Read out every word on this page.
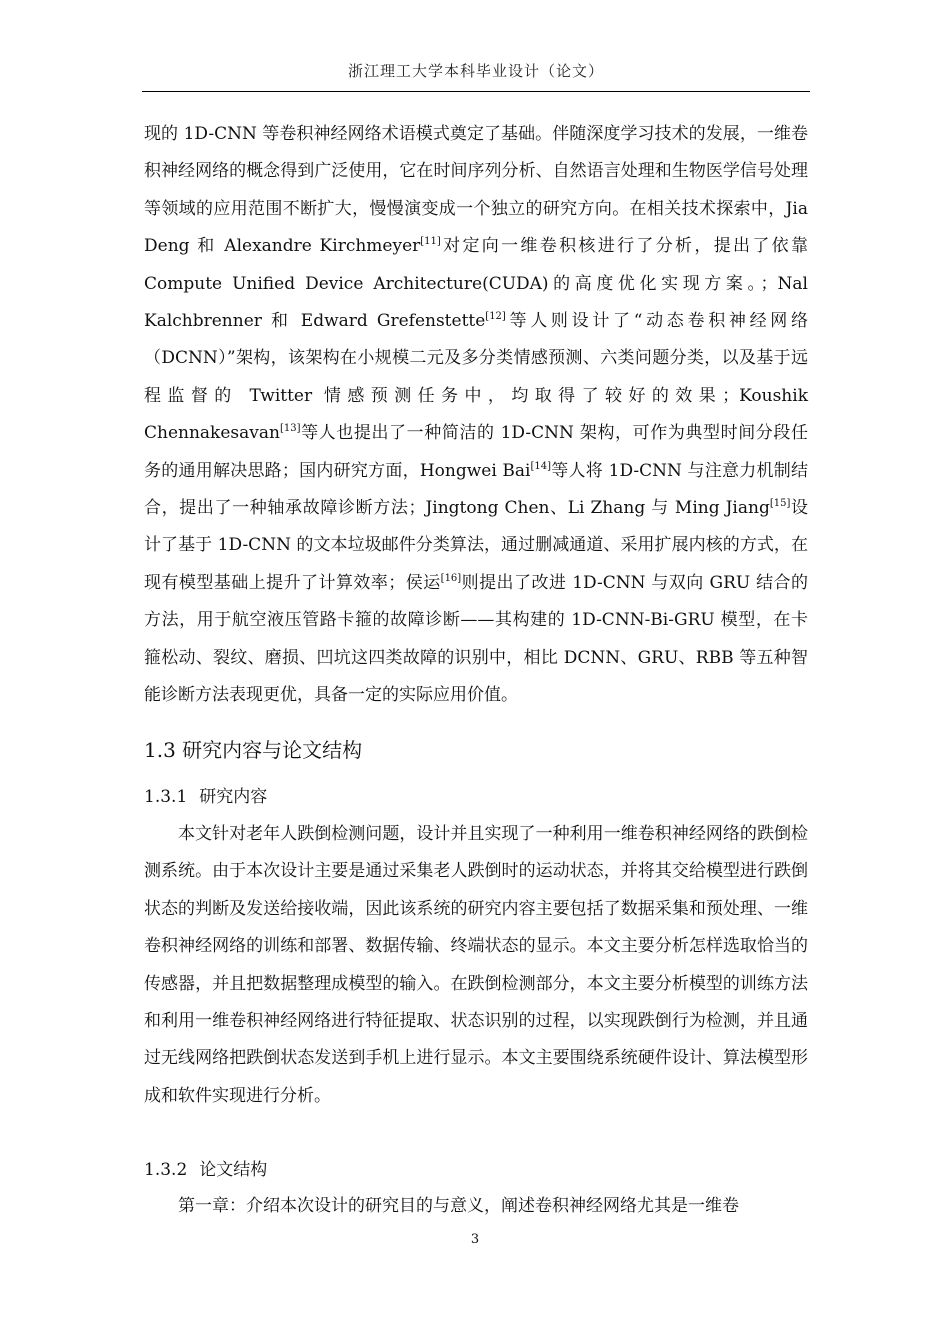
浙江理工大学本科毕业设计（论文）

现的 1D-CNN 等卷积神经网络术语模式奠定了基础。伴随深度学习技术的发展，一维卷积神经网络的概念得到广泛使用，它在时间序列分析、自然语言处理和生物医学信号处理等领域的应用范围不断扩大，慢慢演变成一个独立的研究方向。在相关技术探索中，Jia Deng 和 Alexandre Kirchmeyer[11]对定向一维卷积核进行了分析，提出了依靠 Compute Unified Device Architecture(CUDA)的高度优化实现方案。；Nal Kalchbrenner 和 Edward Grefenstette[12]等人则设计了“动态卷积神经网络（DCNN）”架构，该架构在小规模二元及多分类情感预测、六类问题分类，以及基于远程监督的 Twitter 情感预测任务中，均取得了较好的效果；Koushik Chennakesavan[13]等人也提出了一种简洁的 1D-CNN 架构，可作为典型时间分段任务的通用解决思路；国内研究方面，Hongwei Bai[14]等人将 1D-CNN 与注意力机制结合，提出了一种轴承故障诊断方法；Jingtong Chen、Li Zhang 与 Ming Jiang[15]设计了基于 1D-CNN 的文本垃圾邮件分类算法，通过删减通道、采用扩展内核的方式，在现有模型基础上提升了计算效率；侯运[16]则提出了改进 1D-CNN 与双向 GRU 结合的方法，用于航空液压管路卡箍的故障诊断——其构建的 1D-CNN-Bi-GRU 模型，在卡箍松动、裂纹、磨损、凹坑这四类故障的识别中，相比 DCNN、GRU、RBB 等五种智能诊断方法表现更优，具备一定的实际应用价值。

1.3 研究内容与论文结构
1.3.1 研究内容

本文针对老年人跌倒检测问题，设计并且实现了一种利用一维卷积神经网络的跌倒检测系统。由于本次设计主要是通过采集老人跌倒时的运动状态，并将其交给模型进行跌倒状态的判断及发送给接收端，因此该系统的研究内容主要包括了数据采集和预处理、一维卷积神经网络的训练和部署、数据传输、终端状态的显示。本文主要分析怎样选取恰当的传感器，并且把数据整理成模型的输入。在跌倒检测部分，本文主要分析模型的训练方法和利用一维卷积神经网络进行特征提取、状态识别的过程，以实现跌倒行为检测，并且通过无线网络把跌倒状态发送到手机上进行显示。本文主要围绕系统硬件设计、算法模型形成和软件实现进行分析。

1.3.2 论文结构

第一章：介绍本次设计的研究目的与意义，阐述卷积神经网络尤其是一维卷

3
